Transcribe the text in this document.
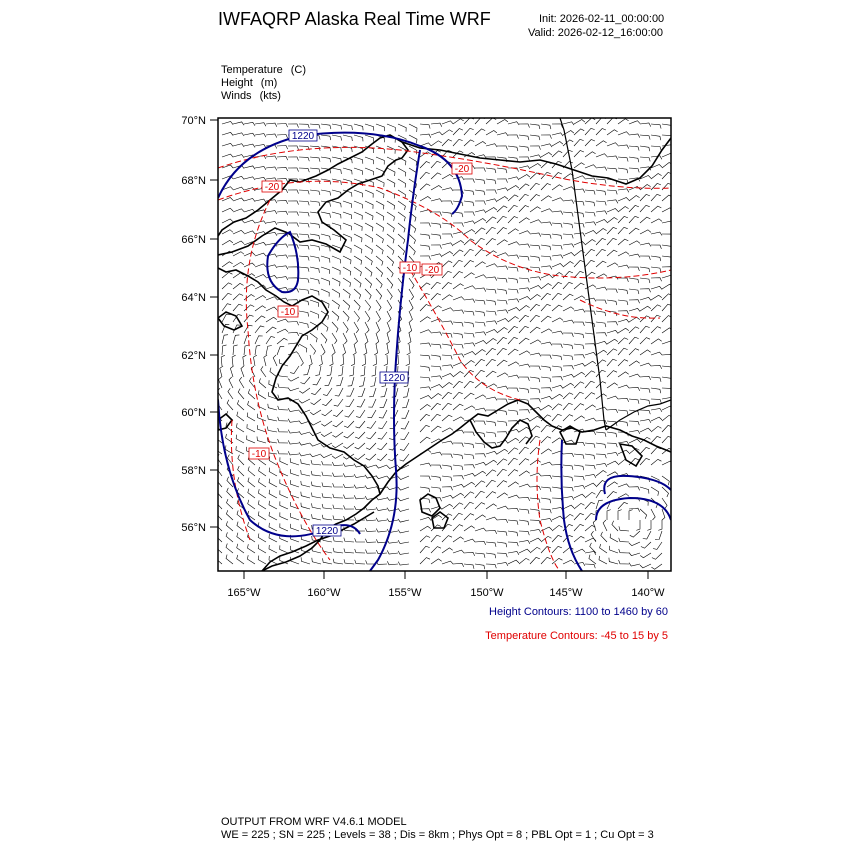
IWFAQRP Alaska Real Time WRF	Init: 2026-02-11_00:00:00
Valid: 2026-02-12_16:00:00
Temperature (C)
Height (m)
Winds (kts)
1220
1220
1220
-20
-20
-20
-10
-10
-10
70°N
68°N
66°N
64°N
62°N
60°N
58°N
56°N
165°W	160°W	155°W	150°W	145°W	140°W
Height Contours: 1100 to 1460 by 60
Temperature Contours: -45 to 15 by 5
OUTPUT FROM WRF V4.6.1 MODEL
WE = 225 ; SN = 225 ; Levels = 38 ; Dis = 8km ; Phys Opt = 8 ; PBL Opt = 1 ; Cu Opt = 3
